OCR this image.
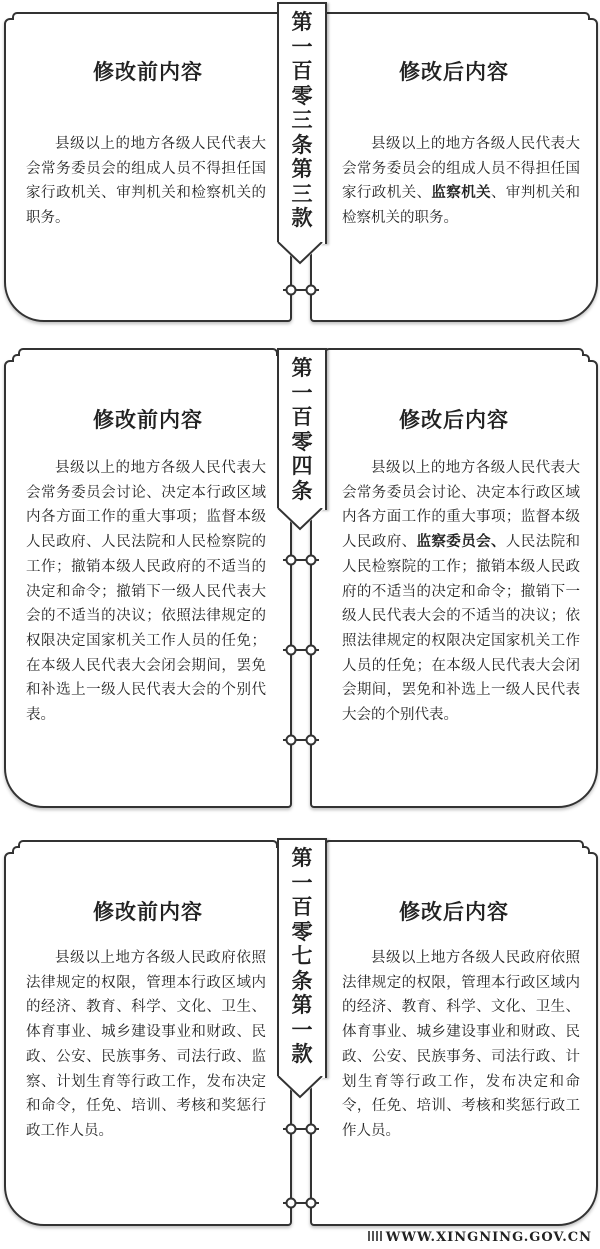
修改前内容
县级以上的地方各级人民代表大会常务委员会的组成人员不得担任国家行政机关、审判机关和检察机关的职务。
修改后内容
县级以上的地方各级人民代表大会常务委员会的组成人员不得担任国家行政机关、监察机关、审判机关和检察机关的职务。
第
一
百
零
三
条
第
三
款
修改前内容
县级以上的地方各级人民代表大会常务委员会讨论、决定本行政区域内各方面工作的重大事项；监督本级人民政府、人民法院和人民检察院的工作；撤销本级人民政府的不适当的决定和命令；撤销下一级人民代表大会的不适当的决议；依照法律规定的权限决定国家机关工作人员的任免；在本级人民代表大会闭会期间，罢免和补选上一级人民代表大会的个别代表。
修改后内容
县级以上的地方各级人民代表大会常务委员会讨论、决定本行政区域内各方面工作的重大事项；监督本级人民政府、监察委员会、人民法院和人民检察院的工作；撤销本级人民政府的不适当的决定和命令；撤销下一级人民代表大会的不适当的决议；依照法律规定的权限决定国家机关工作人员的任免；在本级人民代表大会闭会期间，罢免和补选上一级人民代表大会的个别代表。
第
一
百
零
四
条
修改前内容
县级以上地方各级人民政府依照法律规定的权限，管理本行政区域内的经济、教育、科学、文化、卫生、体育事业、城乡建设事业和财政、民政、公安、民族事务、司法行政、监察、计划生育等行政工作，发布决定和命令，任免、培训、考核和奖惩行政工作人员。
修改后内容
县级以上地方各级人民政府依照法律规定的权限，管理本行政区域内的经济、教育、科学、文化、卫生、体育事业、城乡建设事业和财政、民政、公安、民族事务、司法行政、计划生育等行政工作，发布决定和命令，任免、培训、考核和奖惩行政工作人员。
第
一
百
零
七
条
第
一
款
WWW.XINGNING.GOV.CN
